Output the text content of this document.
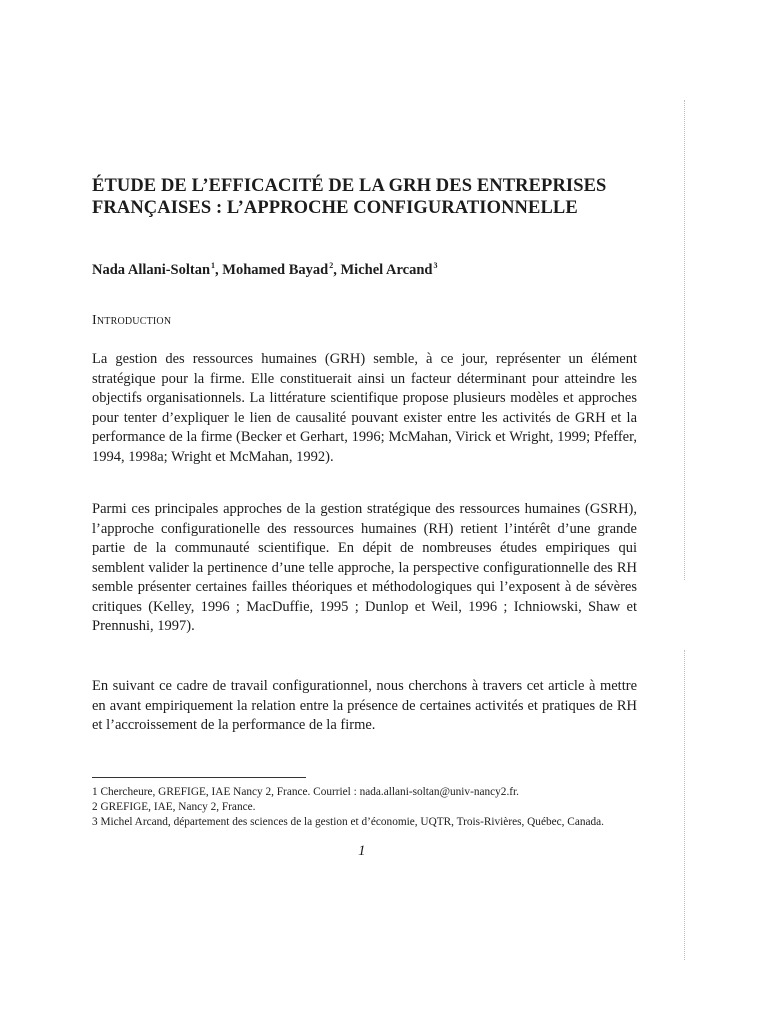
ÉTUDE DE L’EFFICACITÉ DE LA GRH DES ENTREPRISES
FRANÇAISES : L’APPROCHE CONFIGURATIONNELLE
Nada Allani-Soltan$^1$, Mohamed Bayad$^2$, Michel Arcand$^3$
Introduction

La gestion des ressources humaines (GRH) semble, à ce jour, représenter un élément stratégique pour la firme. Elle constituerait ainsi un facteur déterminant pour atteindre les objectifs organisationnels. La littérature scientifique propose plusieurs modèles et approches pour tenter d’expliquer le lien de causalité pouvant exister entre les activités de GRH et la performance de la firme (Becker et Gerhart, 1996; McMahan, Virick et Wright, 1999; Pfeffer, 1994, 1998a; Wright et McMahan, 1992).

Parmi ces principales approches de la gestion stratégique des ressources humaines (GSRH), l’approche configurationelle des ressources humaines (RH) retient l’intérêt d’une grande partie de la communauté scientifique. En dépit de nombreuses études empiriques qui semblent valider la pertinence d’une telle approche, la perspective configurationnelle des RH semble présenter certaines failles théoriques et méthodologiques qui l’exposent à de sévères critiques (Kelley, 1996 ; MacDuffie, 1995 ; Dunlop et Weil, 1996 ; Ichniowski, Shaw et Prennushi, 1997).

En suivant ce cadre de travail configurationnel, nous cherchons à travers cet article à mettre en avant empiriquement la relation entre la présence de certaines activités et pratiques de RH et l’accroissement de la performance de la firme.

1 Chercheure, GREFIGE, IAE Nancy 2, France. Courriel : nada.allani-soltan@univ-nancy2.fr.
2 GREFIGE, IAE, Nancy 2, France.
3 Michel Arcand, département des sciences de la gestion et d’économie, UQTR, Trois-Rivières, Québec, Canada.
1
